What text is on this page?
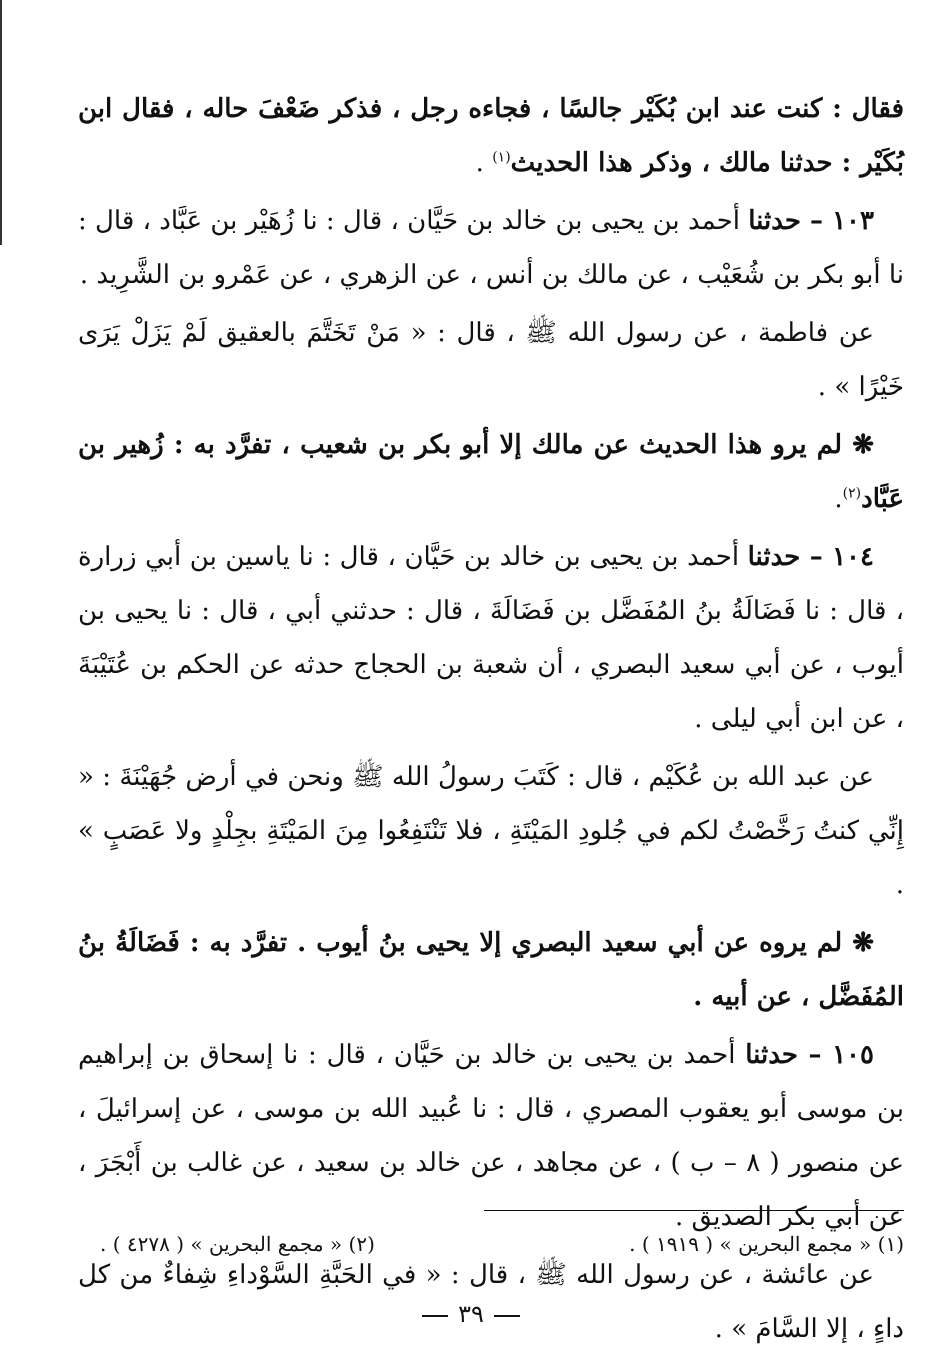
فقال : كنت عند ابن بُكَيْر جالسًا ، فجاءه رجل ، فذكر ضَعْفَ حاله ، فقال ابن بُكَيْر : حدثنا مالك ، وذكر هذا الحديث$^{(١)}$ .

١٠٣ – حدثنا أحمد بن يحيى بن خالد بن حَيَّان ، قال : نا زُهَيْر بن عَبَّاد ، قال : نا أبو بكر بن شُعَيْب ، عن مالك بن أنس ، عن الزهري ، عن عَمْرو بن الشَّرِيد .

عن فاطمة ، عن رسول الله ﷺ ، قال : « مَنْ تَخَتَّمَ بالعقيق لَمْ يَزَلْ يَرَى خَيْرًا » .

❋ لم يرو هذا الحديث عن مالك إلا أبو بكر بن شعيب ، تفرَّد به : زُهير بن عَبَّاد$^{(٢)}$.

١٠٤ – حدثنا أحمد بن يحيى بن خالد بن حَيَّان ، قال : نا ياسين بن أبي زرارة ، قال : نا فَضَالَةُ بنُ المُفَضَّل بن فَضَالَةَ ، قال : حدثني أبي ، قال : نا يحيى بن أيوب ، عن أبي سعيد البصري ، أن شعبة بن الحجاج حدثه عن الحكم بن عُتَيْبَةَ ، عن ابن أبي ليلى .

عن عبد الله بن عُكَيْم ، قال : كَتَبَ رسولُ الله ﷺ ونحن في أرض جُهَيْنَةَ : « إِنِّي كنتُ رَخَّصْتُ لكم في جُلودِ المَيْتَةِ ، فلا تَنْتَفِعُوا مِنَ المَيْتَةِ بجِلْدٍ ولا عَصَبٍ » .

❋ لم يروه عن أبي سعيد البصري إلا يحيى بنُ أيوب . تفرَّد به : فَضَالَةُ بنُ المُفَضَّل ، عن أبيه .

١٠٥ – حدثنا أحمد بن يحيى بن خالد بن حَيَّان ، قال : نا إسحاق بن إبراهيم بن موسى أبو يعقوب المصري ، قال : نا عُبيد الله بن موسى ، عن إسرائيلَ ، عن منصور ( ٨ – ب ) ، عن مجاهد ، عن خالد بن سعيد ، عن غالب بن أَبْجَرَ ، عن أبي بكر الصديق .

عن عائشة ، عن رسول الله ﷺ ، قال : « في الحَبَّةِ السَّوْداءِ شِفاءٌ من كل داءٍ ، إلا السَّامَ » .

(١) « مجمع البحرين » ( ١٩١٩ ) .
(٢) « مجمع البحرين » ( ٤٢٧٨ ) .
٣٩
